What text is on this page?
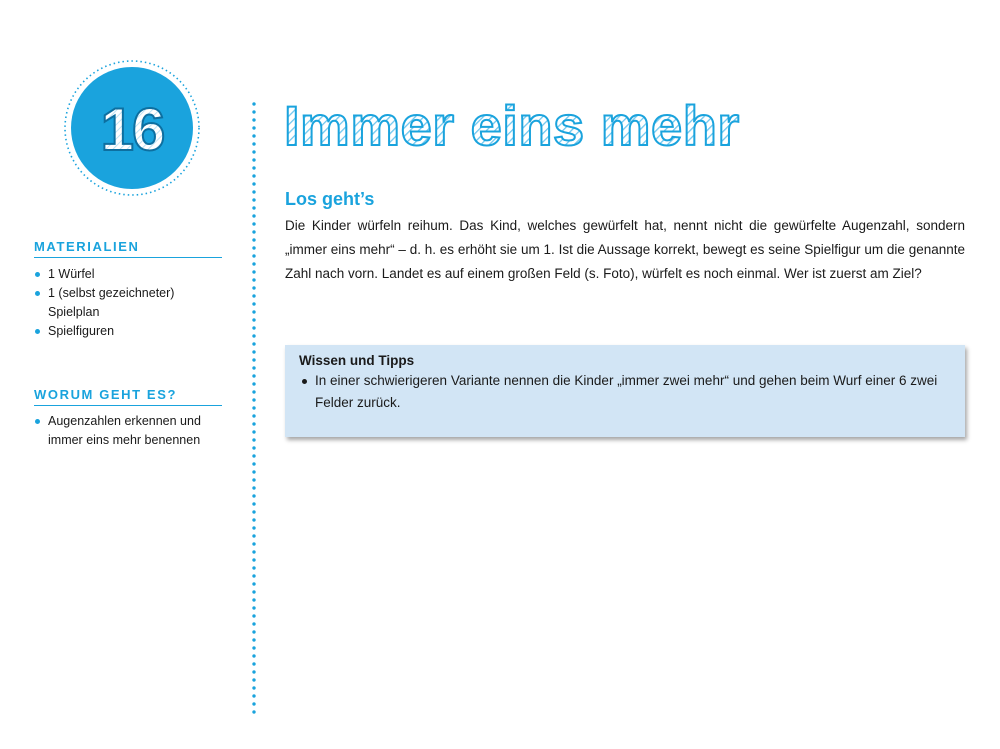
16
MATERIALIEN
1 Würfel
1 (selbst gezeichneter) Spielplan
Spielfiguren
WORUM GEHT ES?
Augenzahlen erkennen und immer eins mehr benennen
Immer eins mehr
Los geht’s

Die Kinder würfeln reihum. Das Kind, welches gewürfelt hat, nennt nicht die gewürfelte Augenzahl, sondern „immer eins mehr“ – d. h. es erhöht sie um 1. Ist die Aussage korrekt, bewegt es seine Spielfigur um die genannte Zahl nach vorn. Landet es auf einem großen Feld (s. Foto), würfelt es noch einmal. Wer ist zuerst am Ziel?

Wissen und Tipps
In einer schwierigeren Variante nennen die Kinder „immer zwei mehr“ und gehen beim Wurf einer 6 zwei Felder zurück.
